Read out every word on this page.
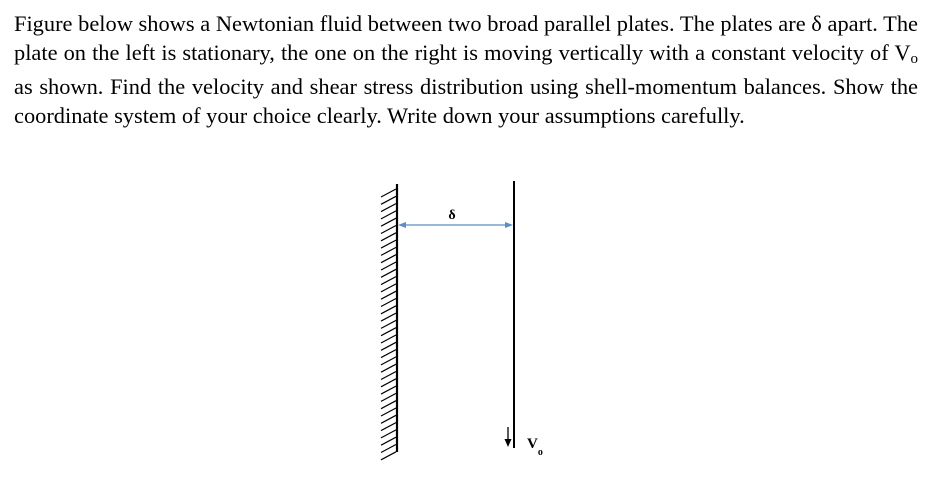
Figure below shows a Newtonian fluid between two broad parallel plates. The plates are δ apart. The plate on the left is stationary, the one on the right is moving vertically with a constant velocity of $V_o$ as shown. Find the velocity and shear stress distribution using shell-momentum balances. Show the coordinate system of your choice clearly. Write down your assumptions carefully.

δ
$V_o$
